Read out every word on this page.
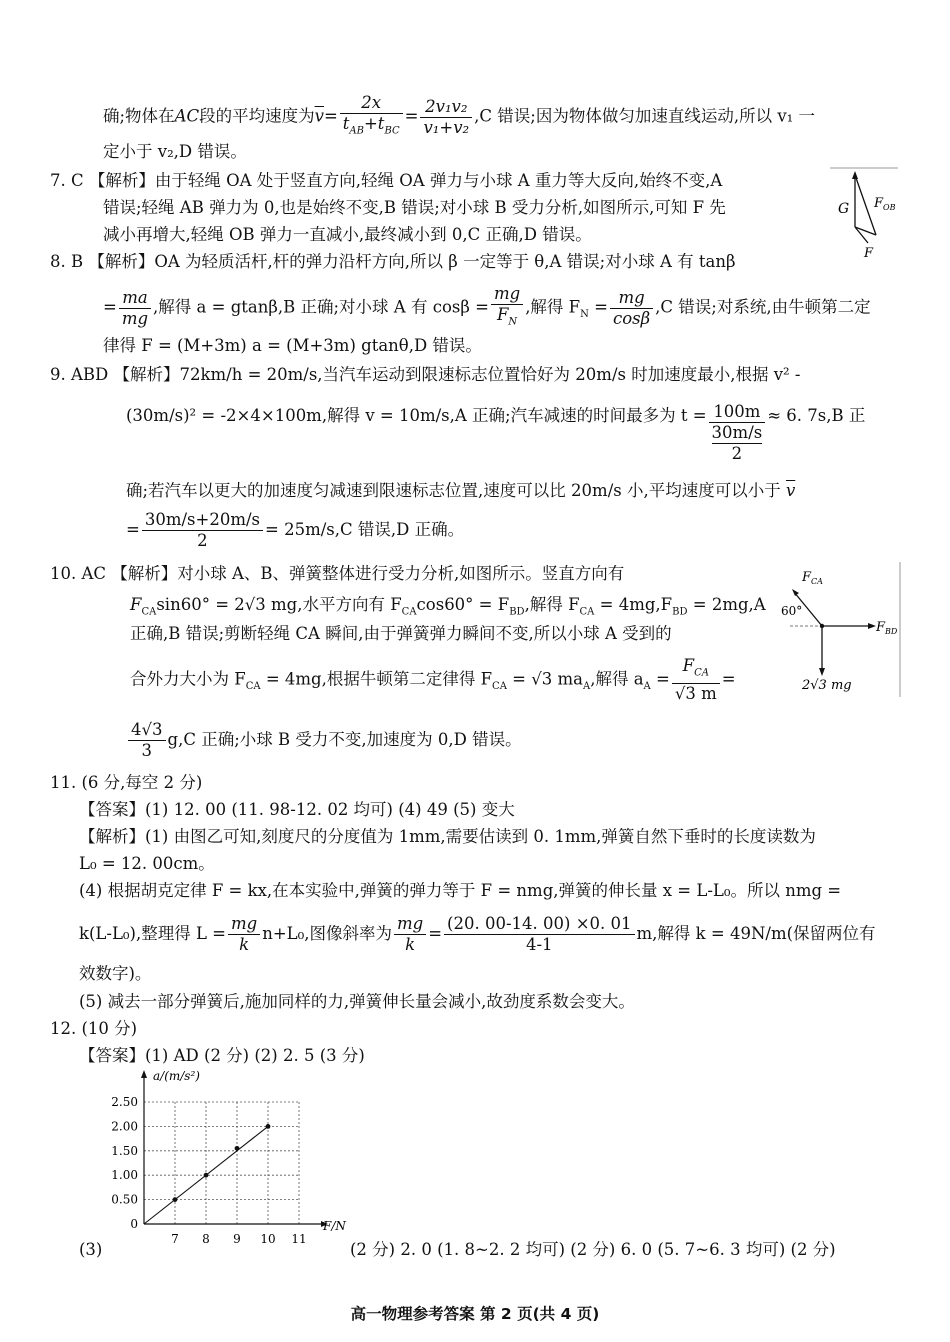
确;物体在AC段的平均速度为$\overline{v}= \frac{2x}{t_{AB}+t_{BC}} = \frac{\text{2v₁v₂}}{\text{v₁+v₂}} ,C$ 错误;因为物体做匀加速直线运动,所以 v₁ 一
定小于 v₂,D 错误。
7. C 【解析】由于轻绳 OA 处于竖直方向,轻绳 OA 弹力与小球 A 重力等大反向,始终不变,A
错误;轻绳 AB 弹力为 0,也是始终不变,B 错误;对小球 B 受力分析,如图所示,可知 F 先
减小再增大,轻绳 OB 弹力一直减小,最终减小到 0,C 正确,D 错误。
G $F_{OB}$
F
8. B 【解析】OA 为轻质活杆,杆的弹力沿杆方向,所以 β 一定等于 θ,A 错误;对小球 A 有 tanβ
= $\frac{ma}{mg}$ ,解得 a = gtanβ,B 正确;对小球 A 有 $\cos\beta = \frac{mg}{F_N}$ ,解得 $F_N = \frac{mg}{\cos\beta} ,C$ 错误;对系统,由牛顿第二定
律得 F = (M+3m) a = (M+3m) gtanθ,D 错误。
9. ABD 【解析】72km/h = 20m/s,当汽车运动到限速标志位置恰好为 20m/s 时加速度最小,根据 v² -
(30m/s)² = -2×4×100m,解得 v = 10m/s,A 正确;汽车减速的时间最多为 t = 100m
30m/s
2 ≈ 6. 7s,B 正
确;若汽车以更大的加速度匀减速到限速标志位置,速度可以比 20m/s 小,平均速度可以小于 $\overline{v}$
= $\frac{30m/s+20m/s}{2} = 25m/s,C$ 错误,D 正确。
10. AC 【解析】对小球 A、B、弹簧整体进行受力分析,如图所示。竖直方向有
$F_{CA}\sin 60^\circ = 2√3$ mg,水平方向有 $F_{CA}\cos 60^\circ = F_{BD}$,解得 $F_{CA} = 4mg,F_{BD} = 2mg,A$
正确,B 错误;剪断轻绳 CA 瞬间,由于弹簧弹力瞬间不变,所以小球 A 受到的
合外力大小为 $F_{CA} = 4mg$,根据牛顿第二定律得 $F_{CA} = √3$ $ma_A$,解得 $a_A = \frac{F_{CA}}{√3 m}$ =
$\frac{4√3}{3} g,C$ 正确;小球 B 受力不变,加速度为 0,D 错误。
$F_{CA}$
$F_{BD}$
60°
2√3 mg
11. (6 分,每空 2 分)
【答案】(1) 12. 00 (11. 98-12. 02 均可) (4) 49 (5) 变大
【解析】(1) 由图乙可知,刻度尺的分度值为 1mm,需要估读到 0. 1mm,弹簧自然下垂时的长度读数为
L₀ = 12. 00cm。
(4) 根据胡克定律 F = kx,在本实验中,弹簧的弹力等于 F = nmg,弹簧的伸长量 x = L-L₀。所以 nmg =
k(L-L₀),整理得 $L = \frac{mg}{k} n+L_0$,图像斜率为 $\frac{mg}{k} = \frac{(20. 00-14. 00) \times 0. 01}{4-1} m$,解得 k = 49N/m(保留两位有
效数字)。
(5) 减去一部分弹簧后,施加同样的力,弹簧伸长量会减小,故劲度系数会变大。
12. (10 分)
【答案】(1) AD (2 分) (2) 2. 5 (3 分)
(3)	(2 分) 2. 0 (1. 8~2. 2 均可) (2 分) 6. 0 (5. 7~6. 3 均可) (2 分)
7 8 9 10 11
0
0.50
1.00
1.50
2.00
2.50
a/(m/s²)
F/N
高一物理参考答案 第 2 页(共 4 页)
